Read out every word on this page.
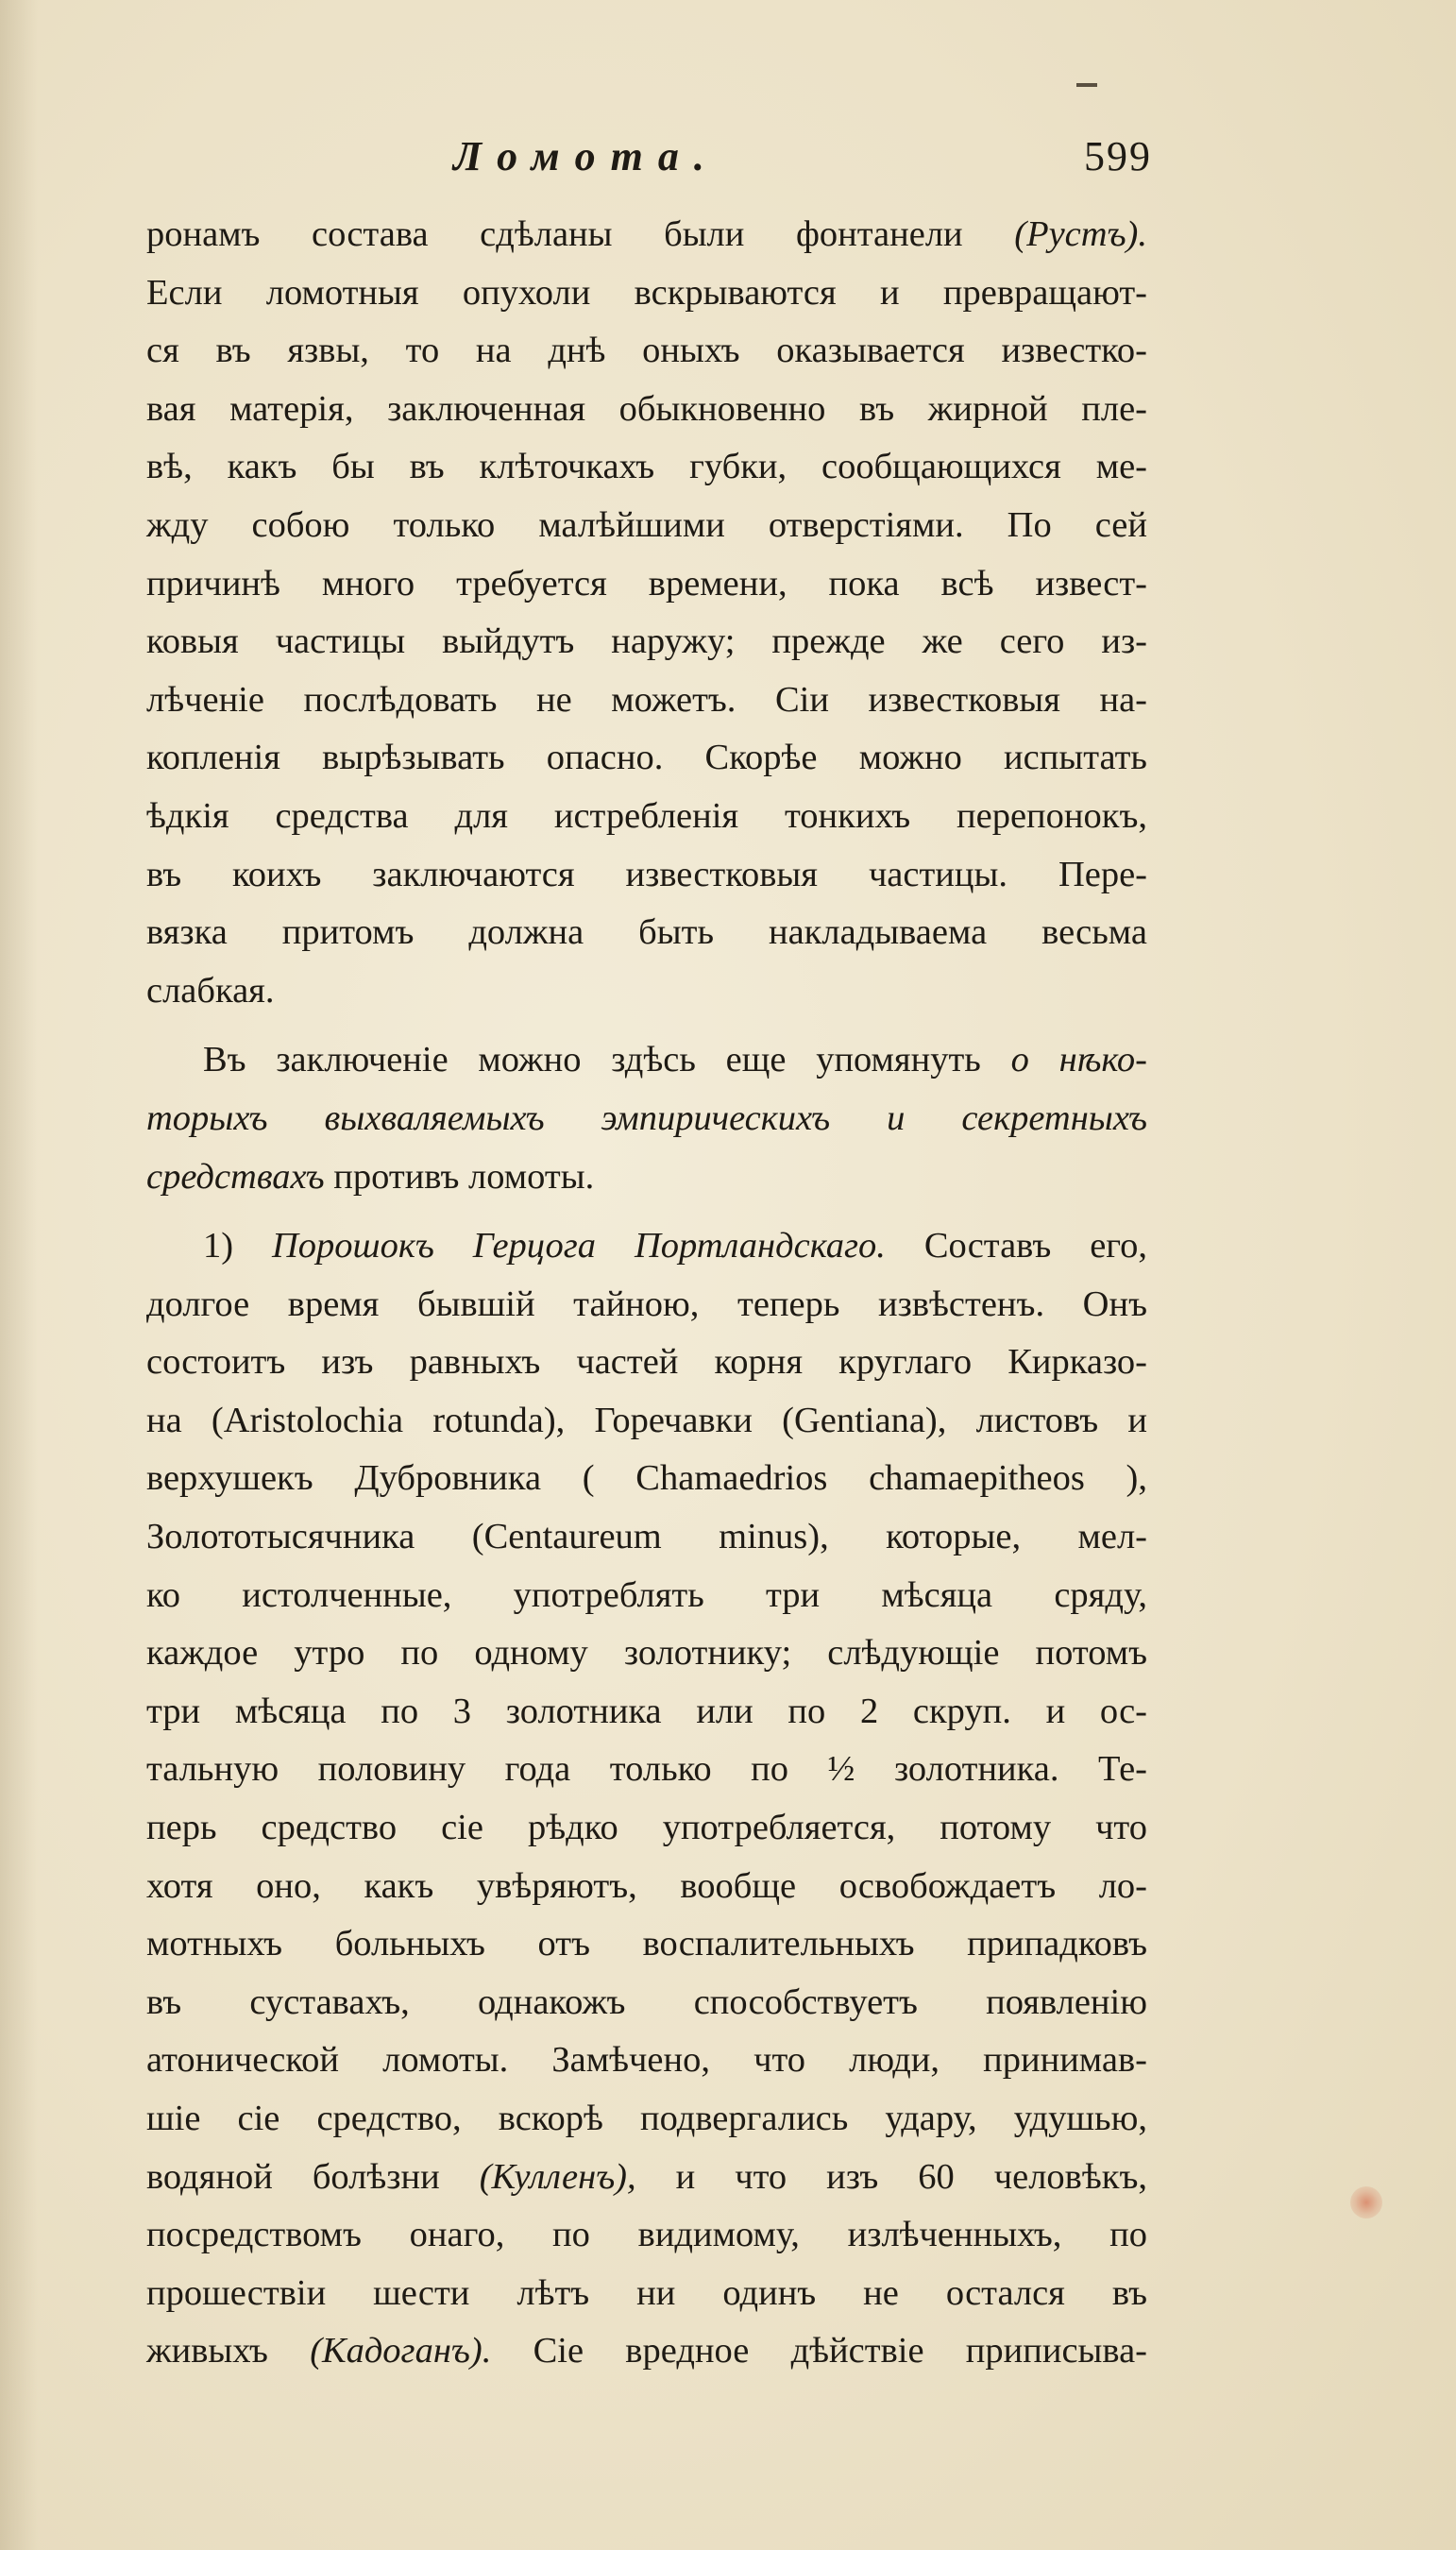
Ломота.	599
ронамъ состава сдѣланы были фонтанели (Рустъ).
Если ломотныя опухоли вскрываются и превращают-
ся въ язвы, то на днѣ оныхъ оказывается известко-
вая матерія, заключенная обыкновенно въ жирной пле-
вѣ, какъ бы въ клѣточкахъ губки, сообщающихся ме-
жду собою только малѣйшими отверстіями. По сей
причинѣ много требуется времени, пока всѣ извест-
ковыя частицы выйдутъ наружу; прежде же сего из-
лѣченіе послѣдовать не можетъ. Сіи известковыя на-
копленія вырѣзывать опасно. Скорѣе можно испытать
ѣдкія средства для истребленія тонкихъ перепонокъ,
въ коихъ заключаются известковыя частицы. Пере-
вязка притомъ должна быть накладываема весьма
слабкая.
Въ заключеніе можно здѣсь еще упомянуть о нѣко-
торыхъ выхваляемыхъ эмпирическихъ и секретныхъ
средствахъ противъ ломоты.
1) Порошокъ Герцога Портландскаго. Составъ его,
долгое время бывшій тайною, теперь извѣстенъ. Онъ
состоитъ изъ равныхъ частей корня круглаго Кирказо-
на (Aristolochia rotunda), Горечавки (Gentiana), листовъ и
верхушекъ Дубровника ( Chamaedrios chamaepitheos ),
Золототысячника (Centaureum minus), которые, мел-
ко истолченные, употреблять три мѣсяца сряду,
каждое утро по одному золотнику; слѣдующіе потомъ
три мѣсяца по 3 золотника или по 2 скруп. и ос-
тальную половину года только по ½ золотника. Те-
перь средство сіе рѣдко употребляется, потому что
хотя оно, какъ увѣряютъ, вообще освобождаетъ ло-
мотныхъ больныхъ отъ воспалительныхъ припадковъ
въ суставахъ, однакожъ способствуетъ появленію
атонической ломоты. Замѣчено, что люди, принимав-
шіе сіе средство, вскорѣ подвергались удару, удушью,
водяной болѣзни (Кулленъ), и что изъ 60 человѣкъ,
посредствомъ онаго, по видимому, излѣченныхъ, по
прошествіи шести лѣтъ ни одинъ не остался въ
живыхъ (Кадоганъ). Сіе вредное дѣйствіе приписыва-
